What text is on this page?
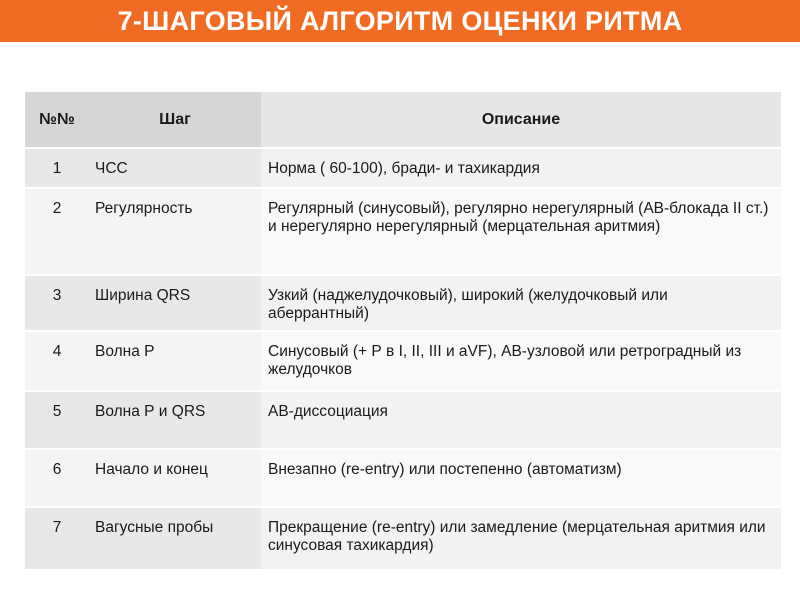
7-ШАГОВЫЙ АЛГОРИТМ ОЦЕНКИ РИТМА
№№	Шаг	Описание
1	ЧСС	Норма ( 60-100), бради- и тахикардия
2	Регулярность	Регулярный (синусовый), регулярно нерегулярный (АВ-блокада II ст.) и нерегулярно нерегулярный (мерцательная аритмия)
3	Ширина QRS	Узкий (наджелудочковый), широкий (желудочковый или аберрантный)
4	Волна Р	Синусовый (+ Р в I, II, III и aVF), АВ-узловой или ретроградный из желудочков
5	Волна Р и QRS	АВ-диссоциация
6	Начало и конец	Внезапно (re-entry) или постепенно (автоматизм)
7	Вагусные пробы	Прекращение (re-entry) или замедление (мерцательная аритмия или синусовая тахикардия)
